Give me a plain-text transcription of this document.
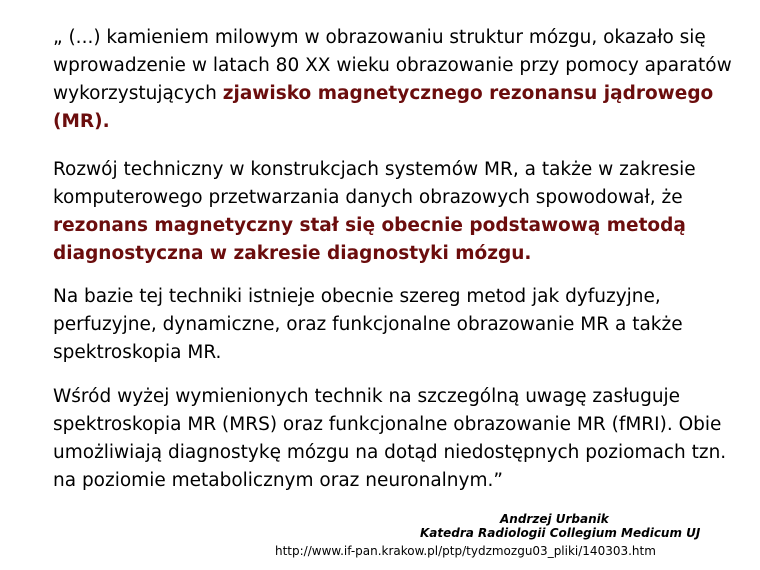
„ (...) kamieniem milowym w obrazowaniu struktur mózgu, okazało się wprowadzenie w latach 80 XX wieku obrazowanie przy pomocy aparatów wykorzystujących zjawisko magnetycznego rezonansu jądrowego (MR).

Rozwój techniczny w konstrukcjach systemów MR, a także w zakresie komputerowego przetwarzania danych obrazowych spowodował, że rezonans magnetyczny stał się obecnie podstawową metodą diagnostyczna w zakresie diagnostyki mózgu.

Na bazie tej techniki istnieje obecnie szereg metod jak dyfuzyjne, perfuzyjne, dynamiczne, oraz funkcjonalne obrazowanie MR a także spektroskopia MR.

Wśród wyżej wymienionych technik na szczególną uwagę zasługuje spektroskopia MR (MRS) oraz funkcjonalne obrazowanie MR (fMRI). Obie umożliwiają diagnostykę mózgu na dotąd niedostępnych poziomach tzn. na poziomie metabolicznym oraz neuronalnym.”

Andrzej Urbanik
Katedra Radiologii Collegium Medicum UJ
http://www.if-pan.krakow.pl/ptp/tydzmozgu03_pliki/140303.htm
